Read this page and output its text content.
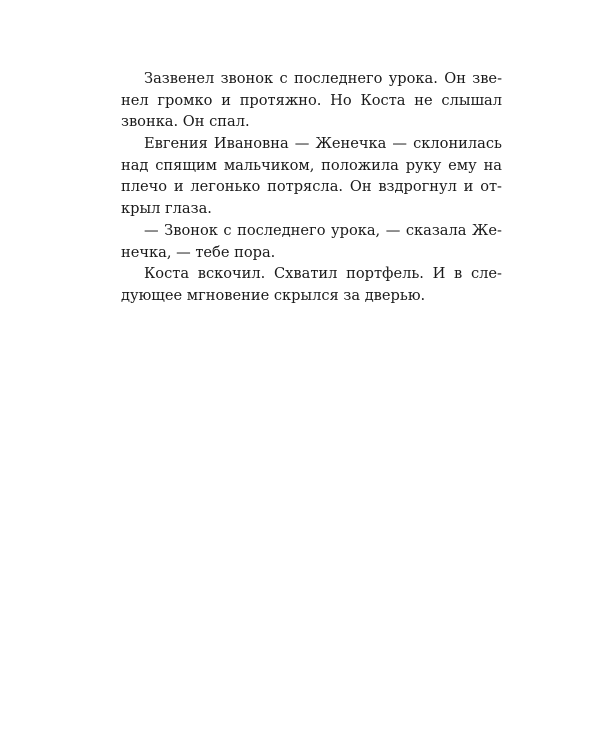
Зазвенел звонок с последнего урока. Он зве-
нел громко и протяжно. Но Коста не слышал
звонка. Он спал.
Евгения Ивановна — Женечка — склонилась
над спящим мальчиком, положила руку ему на
плечо и легонько потрясла. Он вздрогнул и от-
крыл глаза.
— Звонок с последнего урока, — сказала Же-
нечка, — тебе пора.
Коста вскочил. Схватил портфель. И в сле-
дующее мгновение скрылся за дверью.
